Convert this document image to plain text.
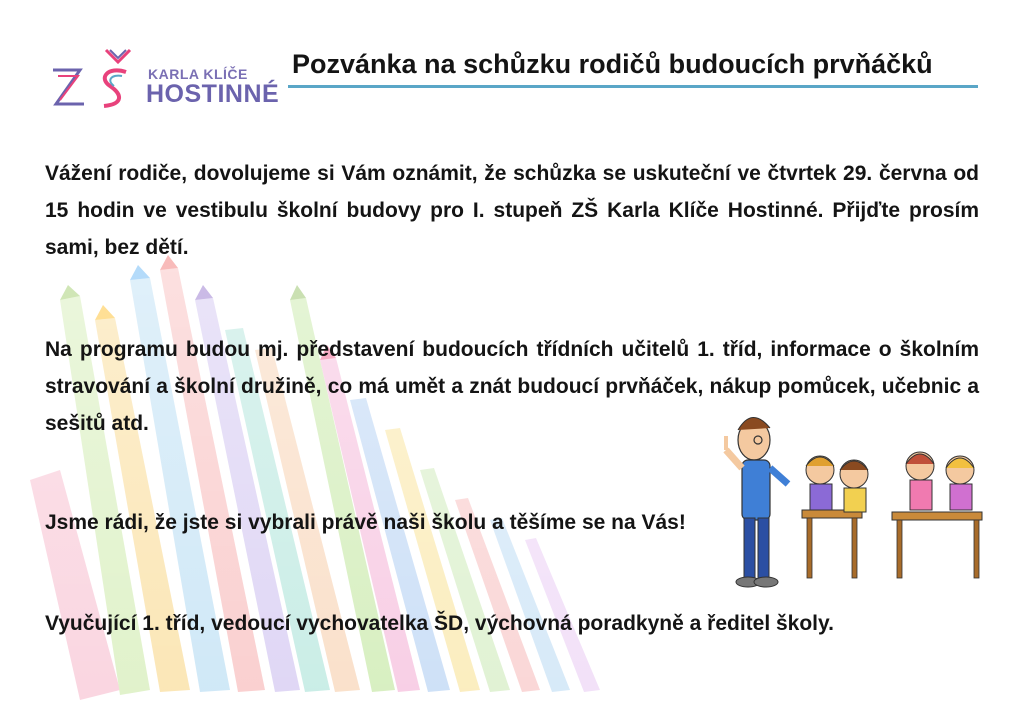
KARLA KLÍČE
HOSTINNÉ
Pozvánka na schůzku rodičů budoucích prvňáčků

Vážení rodiče, dovolujeme si Vám oznámit, že schůzka se uskuteční ve čtvrtek 29. června od 15 hodin ve vestibulu školní budovy pro I. stupeň ZŠ Karla Klíče Hostinné. Přijďte prosím sami, bez dětí.

Na programu budou mj. představení budoucích třídních učitelů 1. tříd, informace o školním stravování a školní družině, co má umět a znát budoucí prvňáček, nákup pomůcek, učebnic a sešitů atd.

Jsme rádi, že jste si vybrali právě naši školu a těšíme se na Vás!
Vyučující 1. tříd, vedoucí vychovatelka ŠD, výchovná poradkyně a ředitel školy.
